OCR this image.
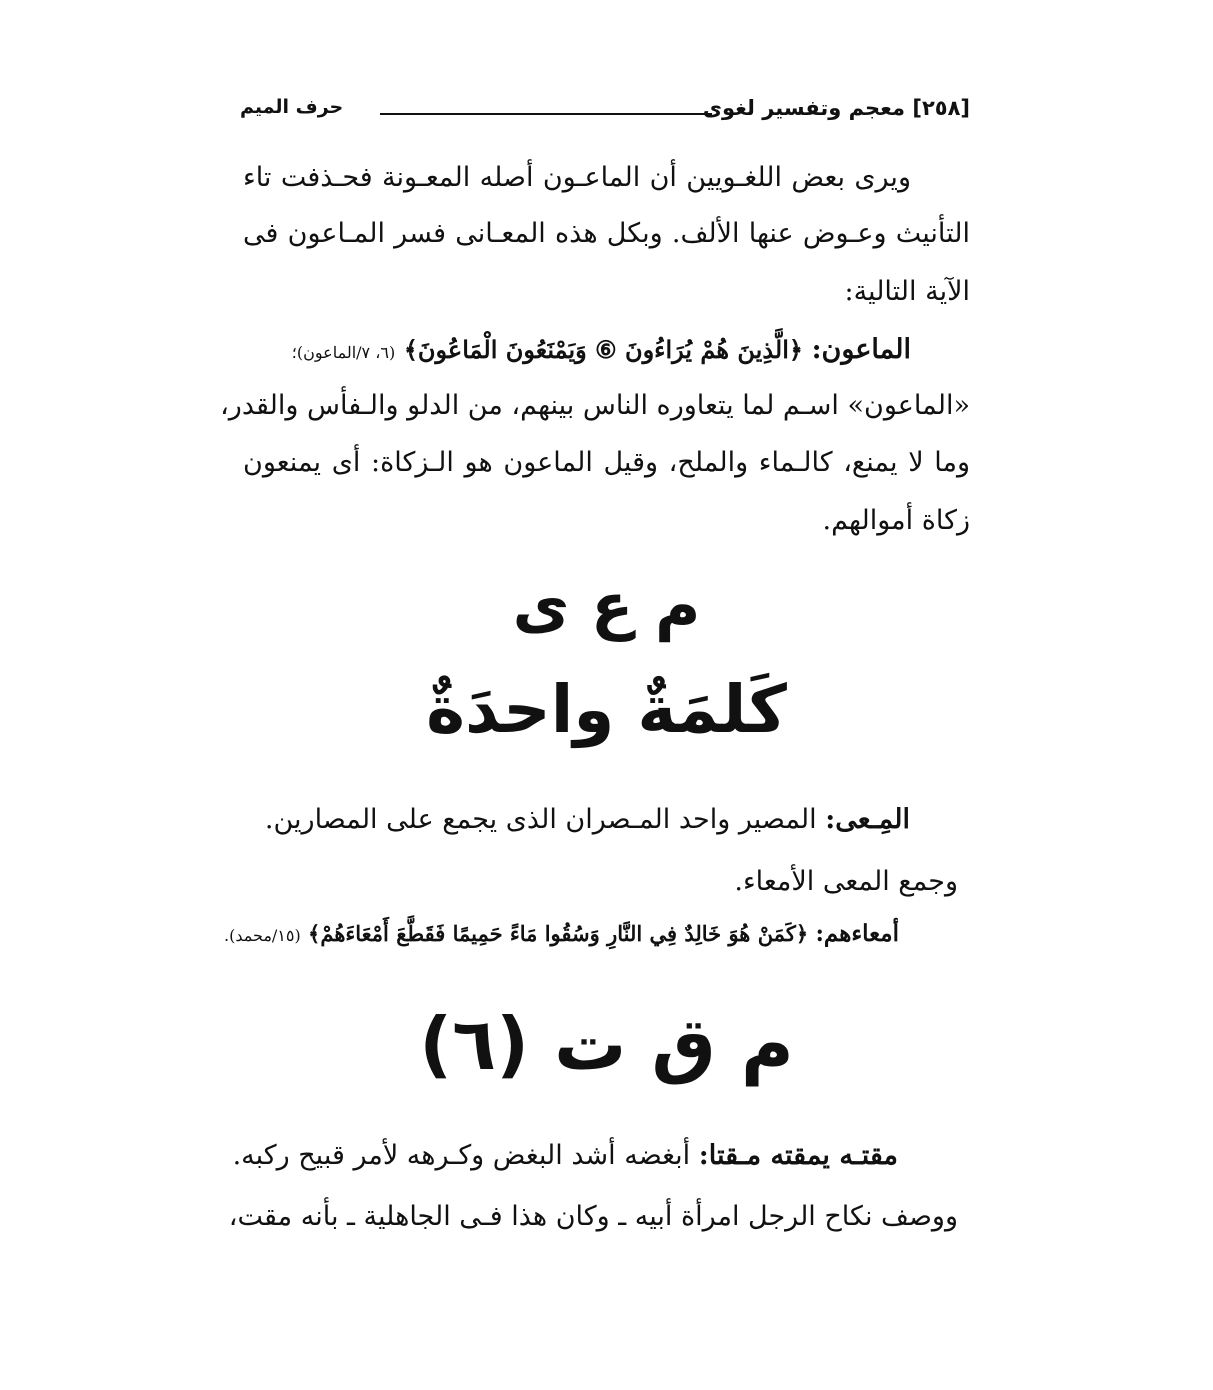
[٢٥٨] معجم وتفسير لغوى
حرف الميم
ويرى بعض اللغـويين أن الماعـون أصله المعـونة فحـذفت تاء
التأنيث وعـوض عنها الألف. وبكل هذه المعـانى فسر المـاعون فى
الآية التالية:
الماعون: ﴿الَّذِينَ هُمْ يُرَاءُونَ ⑥ وَيَمْنَعُونَ الْمَاعُونَ﴾ (٦، ٧/الماعون)؛
«الماعون» اسـم لما يتعاوره الناس بينهم، من الدلو والـفأس والقدر،
وما لا يمنع، كالـماء والملح، وقيل الماعون هو الـزكاة: أى يمنعون
زكاة أموالهم.
م ع ى
كَلمَةٌ واحدَةٌ
المِـعى: المصير واحد المـصران الذى يجمع على المصارين.
وجمع المعى الأمعاء.
أمعاءهم: ﴿كَمَنْ هُوَ خَالِدٌ فِي النَّارِ وَسُقُوا مَاءً حَمِيمًا فَقَطَّعَ أَمْعَاءَهُمْ﴾ (١٥/محمد).
م ق ت (٦)
مقتـه يمقته مـقتا: أبغضه أشد البغض وكـرهه لأمر قبيح ركبه.
ووصف نكاح الرجل امرأة أبيه ـ وكان هذا فـى الجاهلية ـ بأنه مقت،
